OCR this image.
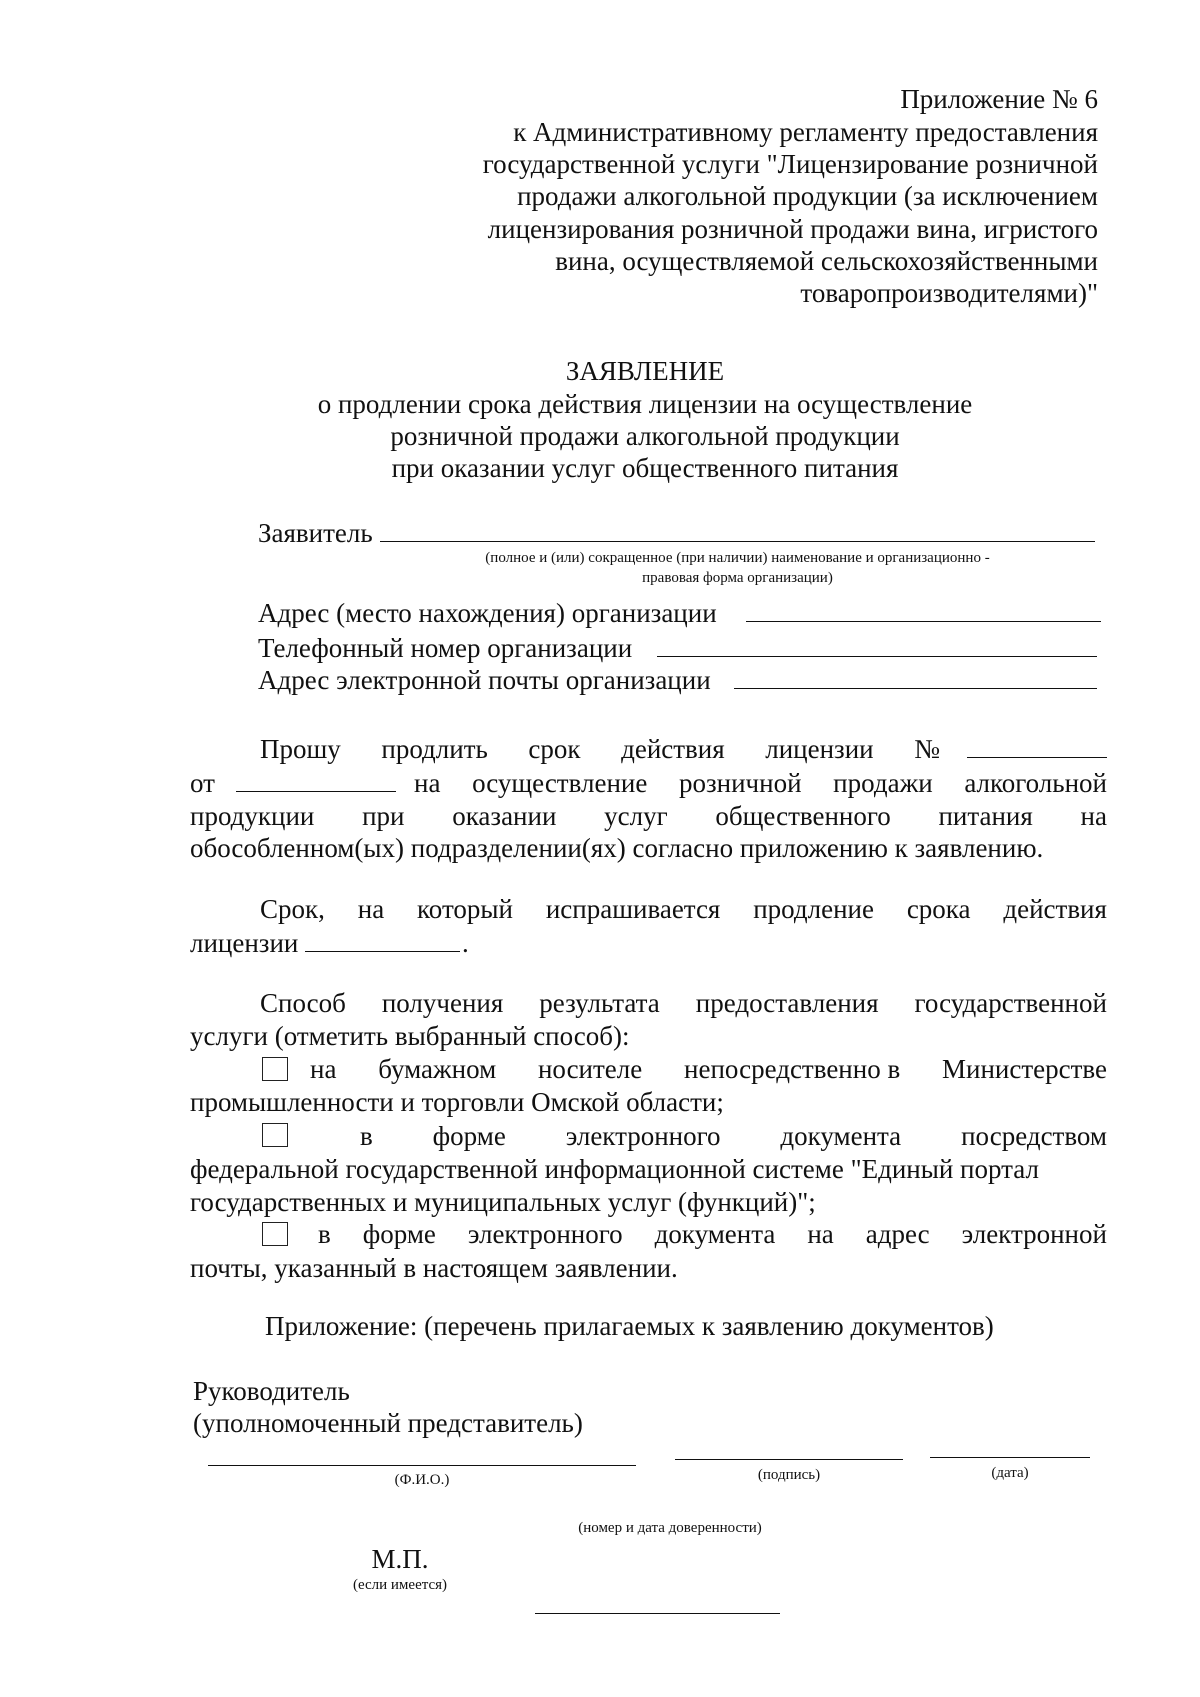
Приложение № 6
к Административному регламенту предоставления
государственной услуги "Лицензирование розничной
продажи алкогольной продукции (за исключением
лицензирования розничной продажи вина, игристого
вина, осуществляемой сельскохозяйственными
товаропроизводителями)"
ЗАЯВЛЕНИЕ
о продлении срока действия лицензии на осуществление
розничной продажи алкогольной продукции
при оказании услуг общественного питания
Заявитель
(полное и (или) сокращенное (при наличии) наименование и организационно -
правовая форма организации)
Адрес (место нахождения) организации
Телефонный номер организации
Адрес электронной почты организации
Прошу продлить срок действия лицензии №
от	на осуществление розничной продажи алкогольной
продукции при оказании услуг общественного питания на
обособленном(ых) подразделении(ях) согласно приложению к заявлению.
Срок, на который испрашивается продление срока действия
лицензии	.
Способ получения результата предоставления государственной
услуги (отметить выбранный способ):
на бумажном носителе непосредственно в Министерстве
промышленности и торговли Омской области;
в форме электронного документа посредством
федеральной государственной информационной системе "Единый портал
государственных и муниципальных услуг (функций)";
в форме электронного документа на адрес электронной
почты, указанный в настоящем заявлении.
Приложение: (перечень прилагаемых к заявлению документов)
Руководитель
(уполномоченный представитель)
(Ф.И.О.)	(подпись)	(дата)
(номер и дата доверенности)
М.П.
(если имеется)
